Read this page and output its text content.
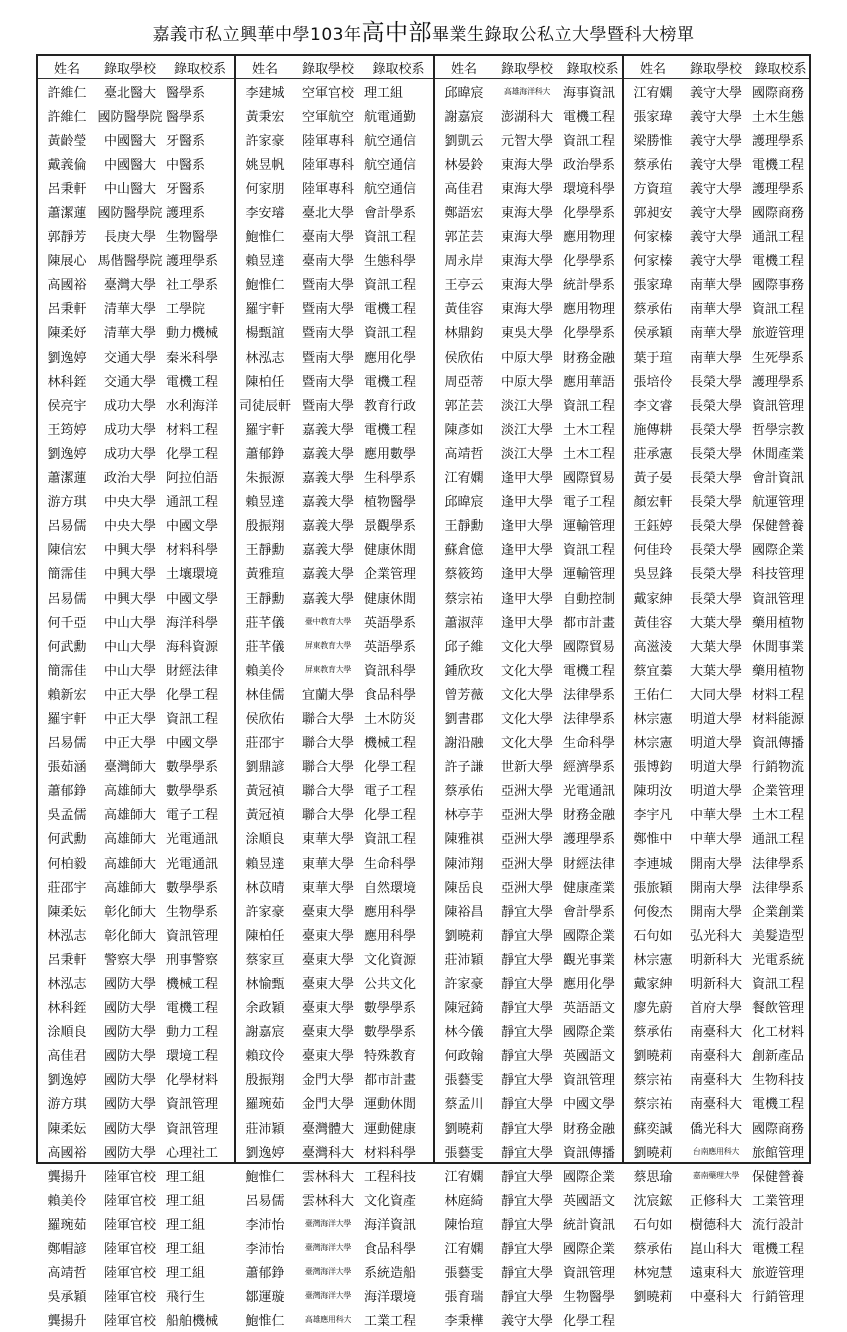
嘉義市私立興華中學103年高中部畢業生錄取公私立大學暨科大榜單
姓名	錄取學校	錄取校系
許維仁	臺北醫大 醫學系
許維仁 國防醫學院 醫學系
黃齡瑩	中國醫大 牙醫系
戴義倫	中國醫大 中醫系
呂秉軒	中山醫大 牙醫系
蕭潔蓮 國防醫學院 護理系
郭靜芳	長庚大學 生物醫學
陳展心 馬偕醫學院 護理學系
高國裕	臺灣大學 社工學系
呂秉軒	清華大學 工學院
陳柔妤	清華大學 動力機械
劉逸婷	交通大學 秦米科學
林科銍	交通大學 電機工程
侯亮宇	成功大學 水利海洋
王筠婷	成功大學 材料工程
劉逸婷	成功大學 化學工程
蕭潔蓮	政治大學 阿拉伯語
游方琪	中央大學 通訊工程
呂易儒	中央大學 中國文學
陳信宏	中興大學 材料科學
簡霈佳	中興大學 土壤環境
呂易儒	中興大學 中國文學
何千亞	中山大學 海洋科學
何武勳	中山大學 海科資源
簡霈佳	中山大學 財經法律
賴新宏	中正大學 化學工程
羅宇軒	中正大學 資訊工程
呂易儒	中正大學 中國文學
張茹涵	臺灣師大 數學學系
蕭郁錚	高雄師大 數學學系
吳孟儒	高雄師大 電子工程
何武勳	高雄師大 光電通訊
何柏毅	高雄師大 光電通訊
莊邵宇	高雄師大 數學學系
陳柔妘	彰化師大 生物學系
林泓志	彰化師大 資訊管理
呂秉軒	警察大學 刑事警察
林泓志	國防大學 機械工程
林科銍	國防大學 電機工程
涂順良	國防大學 動力工程
高佳君	國防大學 環境工程
劉逸婷	國防大學 化學材料
游方琪	國防大學 資訊管理
陳柔妘	國防大學 資訊管理
高國裕	國防大學 心理社工
龔揚升	陸軍官校 理工組
賴美伶	陸軍官校 理工組
羅琬茹	陸軍官校 理工組
鄭帽諺	陸軍官校 理工組
高靖哲	陸軍官校 理工組
吳承穎	陸軍官校 飛行生
龔揚升	陸軍官校 船舶機械
姓名	錄取學校	錄取校系
李建城	空軍官校 理工組
黃秉宏	空軍航空 航電通勤
許家豪	陸軍專科 航空通信
姚昱帆	陸軍專科 航空通信
何家朋	陸軍專科 航空通信
李安璿	臺北大學 會計學系
鮑惟仁	臺南大學 資訊工程
賴昱達	臺南大學 生態科學
鮑惟仁	暨南大學 資訊工程
羅宇軒	暨南大學 電機工程
楊甄誼	暨南大學 資訊工程
林泓志	暨南大學 應用化學
陳柏任	暨南大學 電機工程
司徒辰軒 暨南大學 教育行政
羅宇軒	嘉義大學 電機工程
蕭郁錚	嘉義大學 應用數學
朱振源	嘉義大學 生科學系
賴昱達	嘉義大學 植物醫學
殷振翔	嘉義大學 景觀學系
王靜勳	嘉義大學 健康休閒
黃雅瑄	嘉義大學 企業管理
王靜勳	嘉義大學 健康休閒
莊芊儀	臺中教育大學 英語學系
莊芊儀	屏東教育大學 英語學系
賴美伶	屏東教育大學 資訊科學
林佳儒	宜蘭大學 食品科學
侯欣佑	聯合大學 土木防災
莊邵宇	聯合大學 機械工程
劉鼎諺	聯合大學 化學工程
黃冠禎	聯合大學 電子工程
黃冠禎	聯合大學 化學工程
涂順良	東華大學 資訊工程
賴昱達	東華大學 生命科學
林苡晴	東華大學 自然環境
許家豪	臺東大學 應用科學
陳柏任	臺東大學 應用科學
蔡家亘	臺東大學 文化資源
林愉甄	臺東大學 公共文化
余政穎	臺東大學 數學學系
謝嘉宸	臺東大學 數學學系
賴玟伶	臺東大學 特殊教育
殷振翔	金門大學 都市計畫
羅琬茹	金門大學 運動休閒
莊沛穎	臺灣體大 運動健康
劉逸婷	臺灣科大 材料科學
鮑惟仁	雲林科大 工程科技
呂易儒	雲林科大 文化資產
李沛怡	臺灣海洋大學 海洋資訊
李沛怡	臺灣海洋大學 食品科學
蕭郁錚	臺灣海洋大學 系統造船
鄒運璇	臺灣海洋大學 海洋環境
鮑惟仁	高雄應用科大 工業工程
姓名	錄取學校	錄取校系
邱暐宸	高雄海洋科大 海事資訊
謝嘉宸	澎湖科大 電機工程
劉凱云	元智大學 資訊工程
林晏鈴	東海大學 政治學系
高佳君	東海大學 環境科學
鄭語宏	東海大學 化學學系
郭芷芸	東海大學 應用物理
周永岸	東海大學 化學學系
王亭云	東海大學 統計學系
黃佳容	東海大學 應用物理
林鼎鈞	東吳大學 化學學系
侯欣佑	中原大學 財務金融
周亞蒂	中原大學 應用華語
郭芷芸	淡江大學 資訊工程
陳彥如	淡江大學 土木工程
高靖哲	淡江大學 土木工程
江宥嫻	逢甲大學 國際貿易
邱暐宸	逢甲大學 電子工程
王靜勳	逢甲大學 運輸管理
蘇倉億	逢甲大學 資訊工程
蔡筱筠	逢甲大學 運輸管理
蔡宗祐	逢甲大學 自動控制
蕭淑萍	逢甲大學 都市計畫
邱子維	文化大學 國際貿易
鍾欣玫	文化大學 電機工程
曾芳薇	文化大學 法律學系
劉書郡	文化大學 法律學系
謝沿融	文化大學 生命科學
許子謙	世新大學 經濟學系
蔡承佑	亞洲大學 光電通訊
林亭芋	亞洲大學 財務金融
陳雅祺	亞洲大學 護理學系
陳沛翔	亞洲大學 財經法律
陳岳良	亞洲大學 健康產業
陳裕昌	靜宜大學 會計學系
劉曉莉	靜宜大學 國際企業
莊沛穎	靜宜大學 觀光事業
許家豪	靜宜大學 應用化學
陳冠錡	靜宜大學 英語語文
林今儀	靜宜大學 國際企業
何政翰	靜宜大學 英國語文
張藝雯	靜宜大學 資訊管理
蔡孟川	靜宜大學 中國文學
劉曉莉	靜宜大學 財務金融
張藝雯	靜宜大學 資訊傳播
江宥嫻	靜宜大學 國際企業
林庭綺	靜宜大學 英國語文
陳怡瑄	靜宜大學 統計資訊
江宥嫻	靜宜大學 國際企業
張藝雯	靜宜大學 資訊管理
張育瑞	靜宜大學 生物醫學
李秉樺	義守大學 化學工程
姓名	錄取學校 錄取校系
江宥嫻	義守大學 國際商務
張家瑋	義守大學 土木生態
梁勝惟	義守大學 護理學系
蔡承佑	義守大學 電機工程
方資瑄	義守大學 護理學系
郭昶安	義守大學 國際商務
何家榛	義守大學 通訊工程
何家榛	義守大學 電機工程
張家瑋	南華大學 國際事務
蔡承佑	南華大學 資訊工程
侯承穎	南華大學 旅遊管理
葉于瑄	南華大學 生死學系
張培伶	長榮大學 護理學系
李文睿	長榮大學 資訊管理
施傳耕	長榮大學 哲學宗教
莊承憲	長榮大學 休閒產業
黃子晏	長榮大學 會計資訊
顏宏軒	長榮大學 航運管理
王鈺婷	長榮大學 保健營養
何佳玲	長榮大學 國際企業
吳昱鋒	長榮大學 科技管理
戴家紳	長榮大學 資訊管理
黃佳容	大葉大學 藥用植物
高滋淩	大葉大學 休閒事業
蔡宜蓁	大葉大學 藥用植物
王佑仁	大同大學 材料工程
林宗憲	明道大學 材料能源
林宗憲	明道大學 資訊傳播
張博鈞	明道大學 行銷物流
陳玥汝	明道大學 企業管理
李宇凡	中華大學 土木工程
鄭惟中	中華大學 通訊工程
李連城	開南大學 法律學系
張旅穎	開南大學 法律學系
何俊杰	開南大學 企業創業
石句如	弘光科大 美髮造型
林宗憲	明新科大 光電系統
戴家紳	明新科大 資訊工程
廖先蔚	首府大學 餐飲管理
蔡承佑	南臺科大 化工材料
劉曉莉	南臺科大 創新產品
蔡宗祐	南臺科大 生物科技
蔡宗祐	南臺科大 電機工程
蘇奕諴	僑光科大 國際商務
劉曉莉	台南應用科大 旅館管理
蔡思瑜	嘉南藥理大學 保健營養
沈宸鋐	正修科大 工業管理
石句如	樹德科大 流行設計
蔡承佑	崑山科大 電機工程
林宛慧	遠東科大 旅遊管理
劉曉莉	中臺科大 行銷管理
